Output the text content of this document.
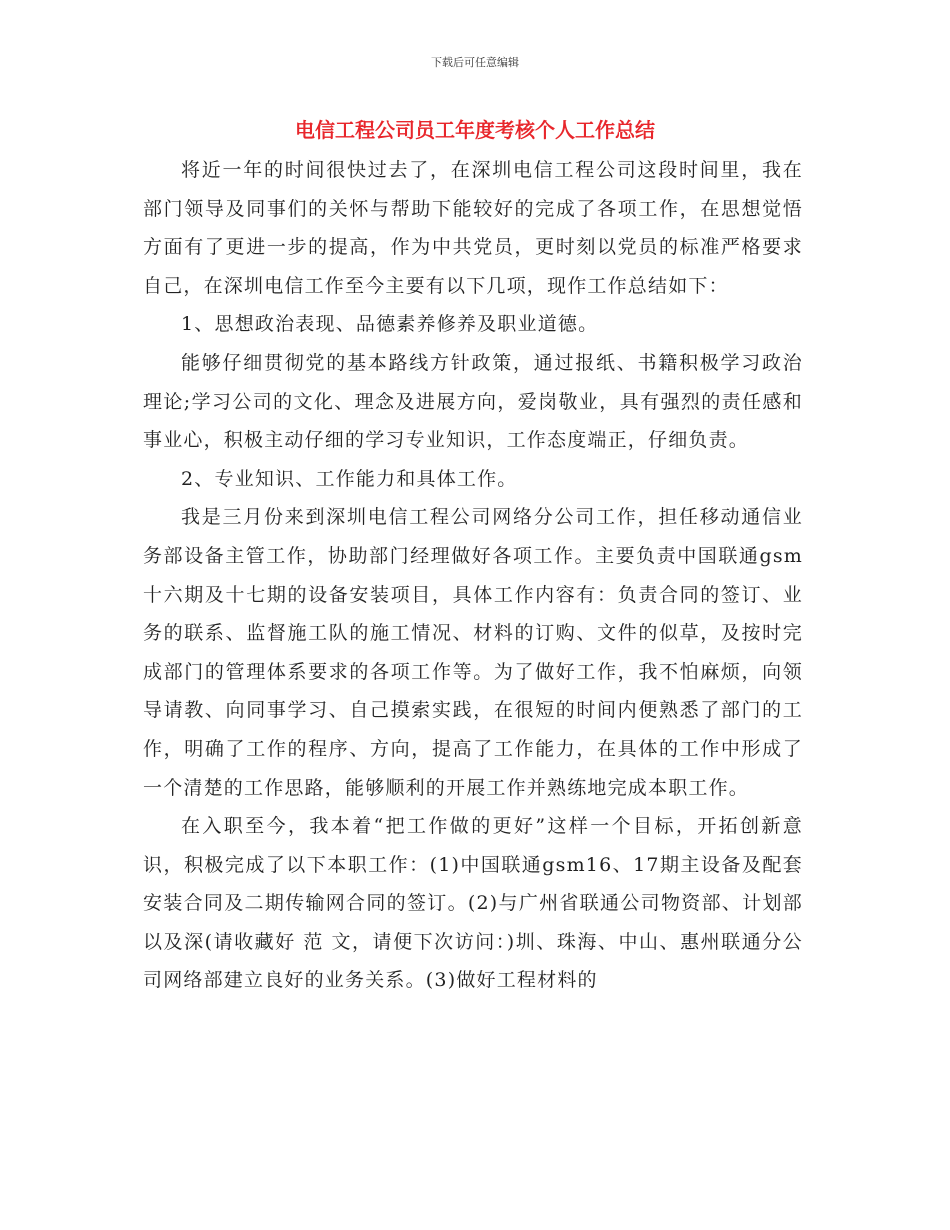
下载后可任意编辑
电信工程公司员工年度考核个人工作总结

将近一年的时间很快过去了，在深圳电信工程公司这段时间里，我在部门领导及同事们的关怀与帮助下能较好的完成了各项工作，在思想觉悟方面有了更进一步的提高，作为中共党员，更时刻以党员的标准严格要求自己，在深圳电信工作至今主要有以下几项，现作工作总结如下：

1、思想政治表现、品德素养修养及职业道德。

能够仔细贯彻党的基本路线方针政策，通过报纸、书籍积极学习政治理论;学习公司的文化、理念及进展方向，爱岗敬业，具有强烈的责任感和事业心，积极主动仔细的学习专业知识，工作态度端正，仔细负责。

2、专业知识、工作能力和具体工作。

我是三月份来到深圳电信工程公司网络分公司工作，担任移动通信业务部设备主管工作，协助部门经理做好各项工作。主要负责中国联通gsm十六期及十七期的设备安装项目，具体工作内容有：负责合同的签订、业务的联系、监督施工队的施工情况、材料的订购、文件的似草，及按时完成部门的管理体系要求的各项工作等。为了做好工作，我不怕麻烦，向领导请教、向同事学习、自己摸索实践，在很短的时间内便熟悉了部门的工作，明确了工作的程序、方向，提高了工作能力，在具体的工作中形成了一个清楚的工作思路，能够顺利的开展工作并熟练地完成本职工作。

在入职至今，我本着“把工作做的更好”这样一个目标，开拓创新意识，积极完成了以下本职工作：(1)中国联通gsm16、17期主设备及配套安装合同及二期传输网合同的签订。(2)与广州省联通公司物资部、计划部以及深(请收藏好 范 文，请便下次访问：)圳、珠海、中山、惠州联通分公司网络部建立良好的业务关系。(3)做好工程材料的
